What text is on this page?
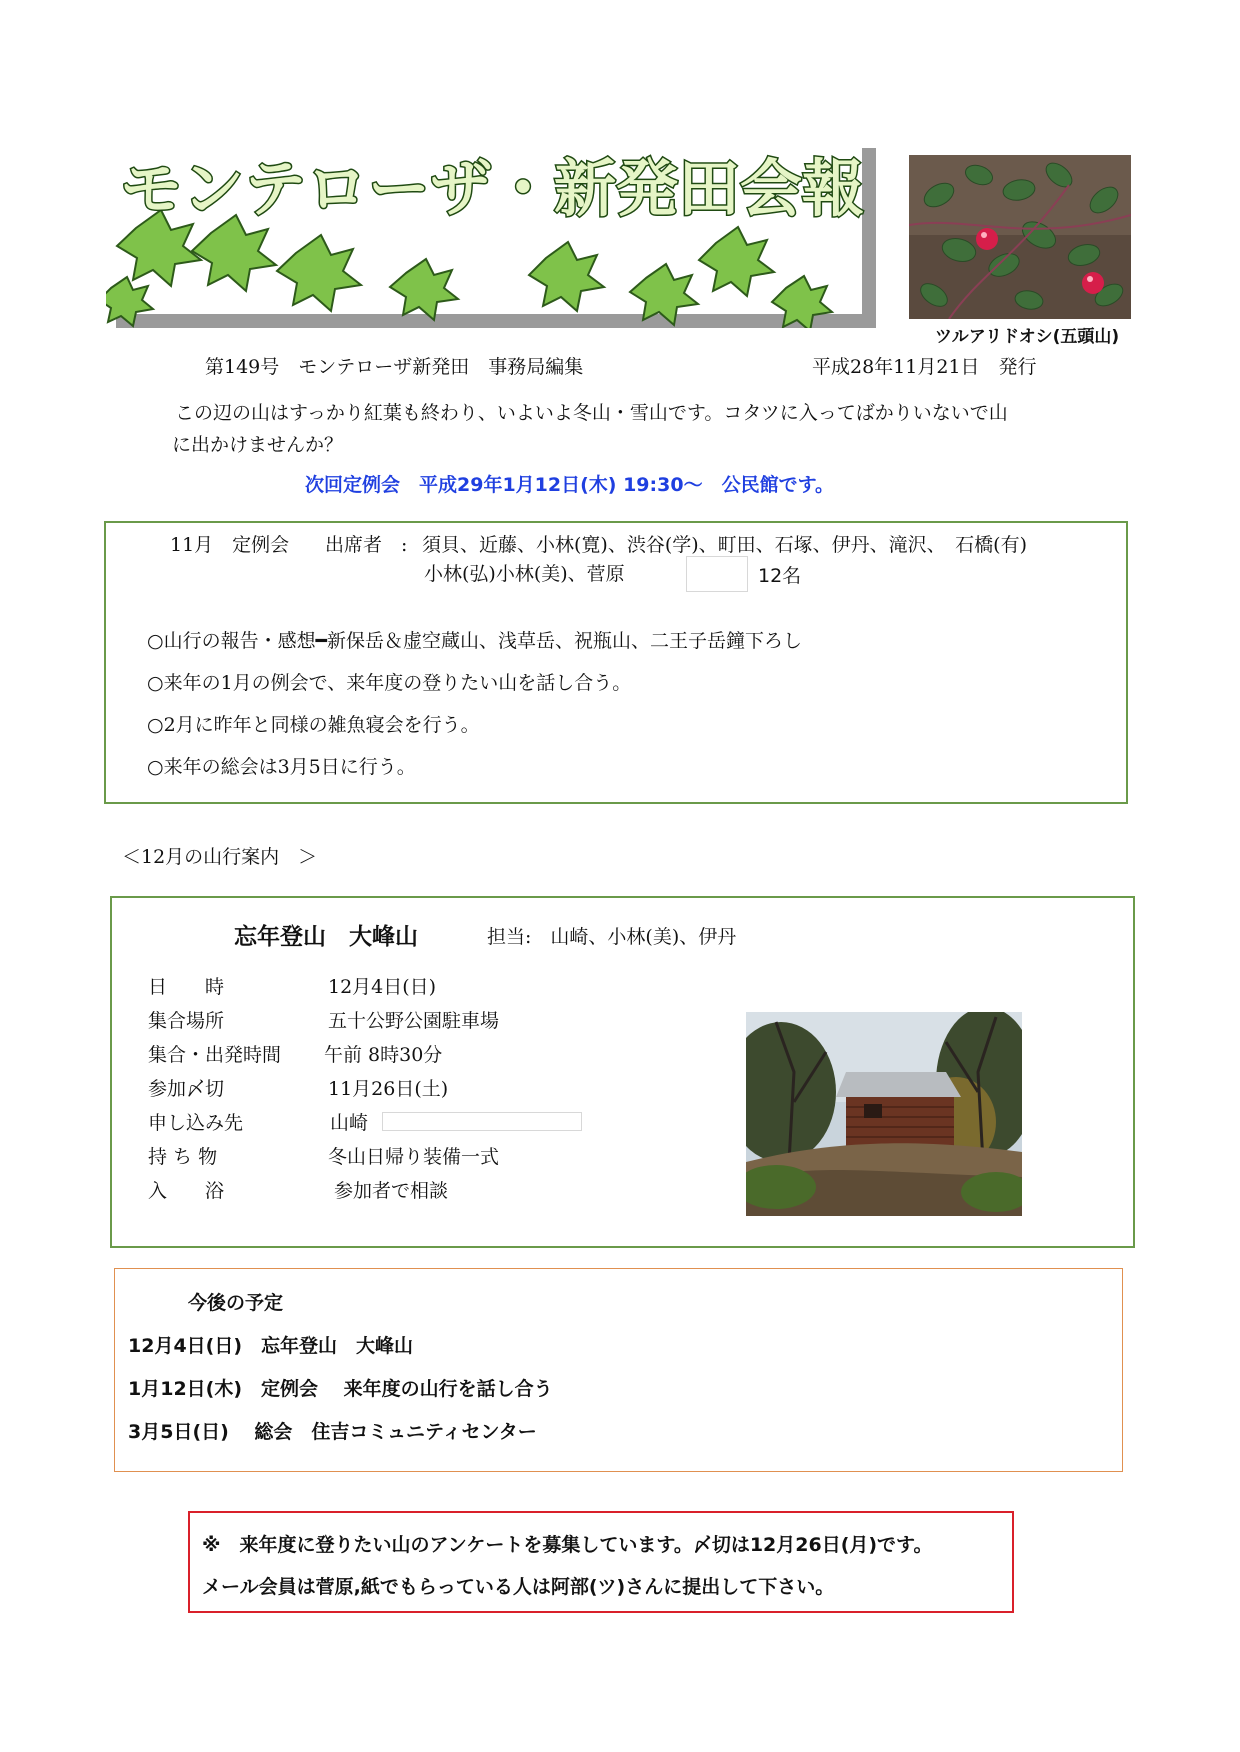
モンテローザ・新発田会報
ツルアリドオシ(五頭山)
第149号　モンテローザ新発田　事務局編集	平成28年11月21日　発行
この辺の山はすっかり紅葉も終わり、いよいよ冬山・雪山です。コタツに入ってばかりいないで山
に出かけませんか？
次回定例会　平成29年1月12日(木) 19:30～　公民館です。
11月　定例会 出席者　: 須貝、近藤、小林(寛)、渋谷(学)、町田、石塚、伊丹、滝沢、　石橋(有)
小林(弘)小林(美)、菅原	12名
○山行の報告・感想━新保岳＆虚空蔵山、浅草岳、祝瓶山、二王子岳鐘下ろし
○来年の1月の例会で、来年度の登りたい山を話し合う。
○2月に昨年と同様の雑魚寝会を行う。
○来年の総会は3月5日に行う。
＜12月の山行案内　＞
忘年登山　大峰山	担当:　山崎、小林(美)、伊丹
日　　時	12月4日(日)
集合場所	五十公野公園駐車場
集合・出発時間 午前 8時30分
参加〆切	11月26日(土)
申し込み先	山崎
持 ち 物	冬山日帰り装備一式
入　　浴	参加者で相談
今後の予定
12月4日(日)　忘年登山　大峰山
1月12日(木)　定例会　 来年度の山行を話し合う
3月5日(日)　 総会　住吉コミュニティセンター
※　来年度に登りたい山のアンケートを募集しています。〆切は12月26日(月)です。
メール会員は菅原,紙でもらっている人は阿部(ツ)さんに提出して下さい。
